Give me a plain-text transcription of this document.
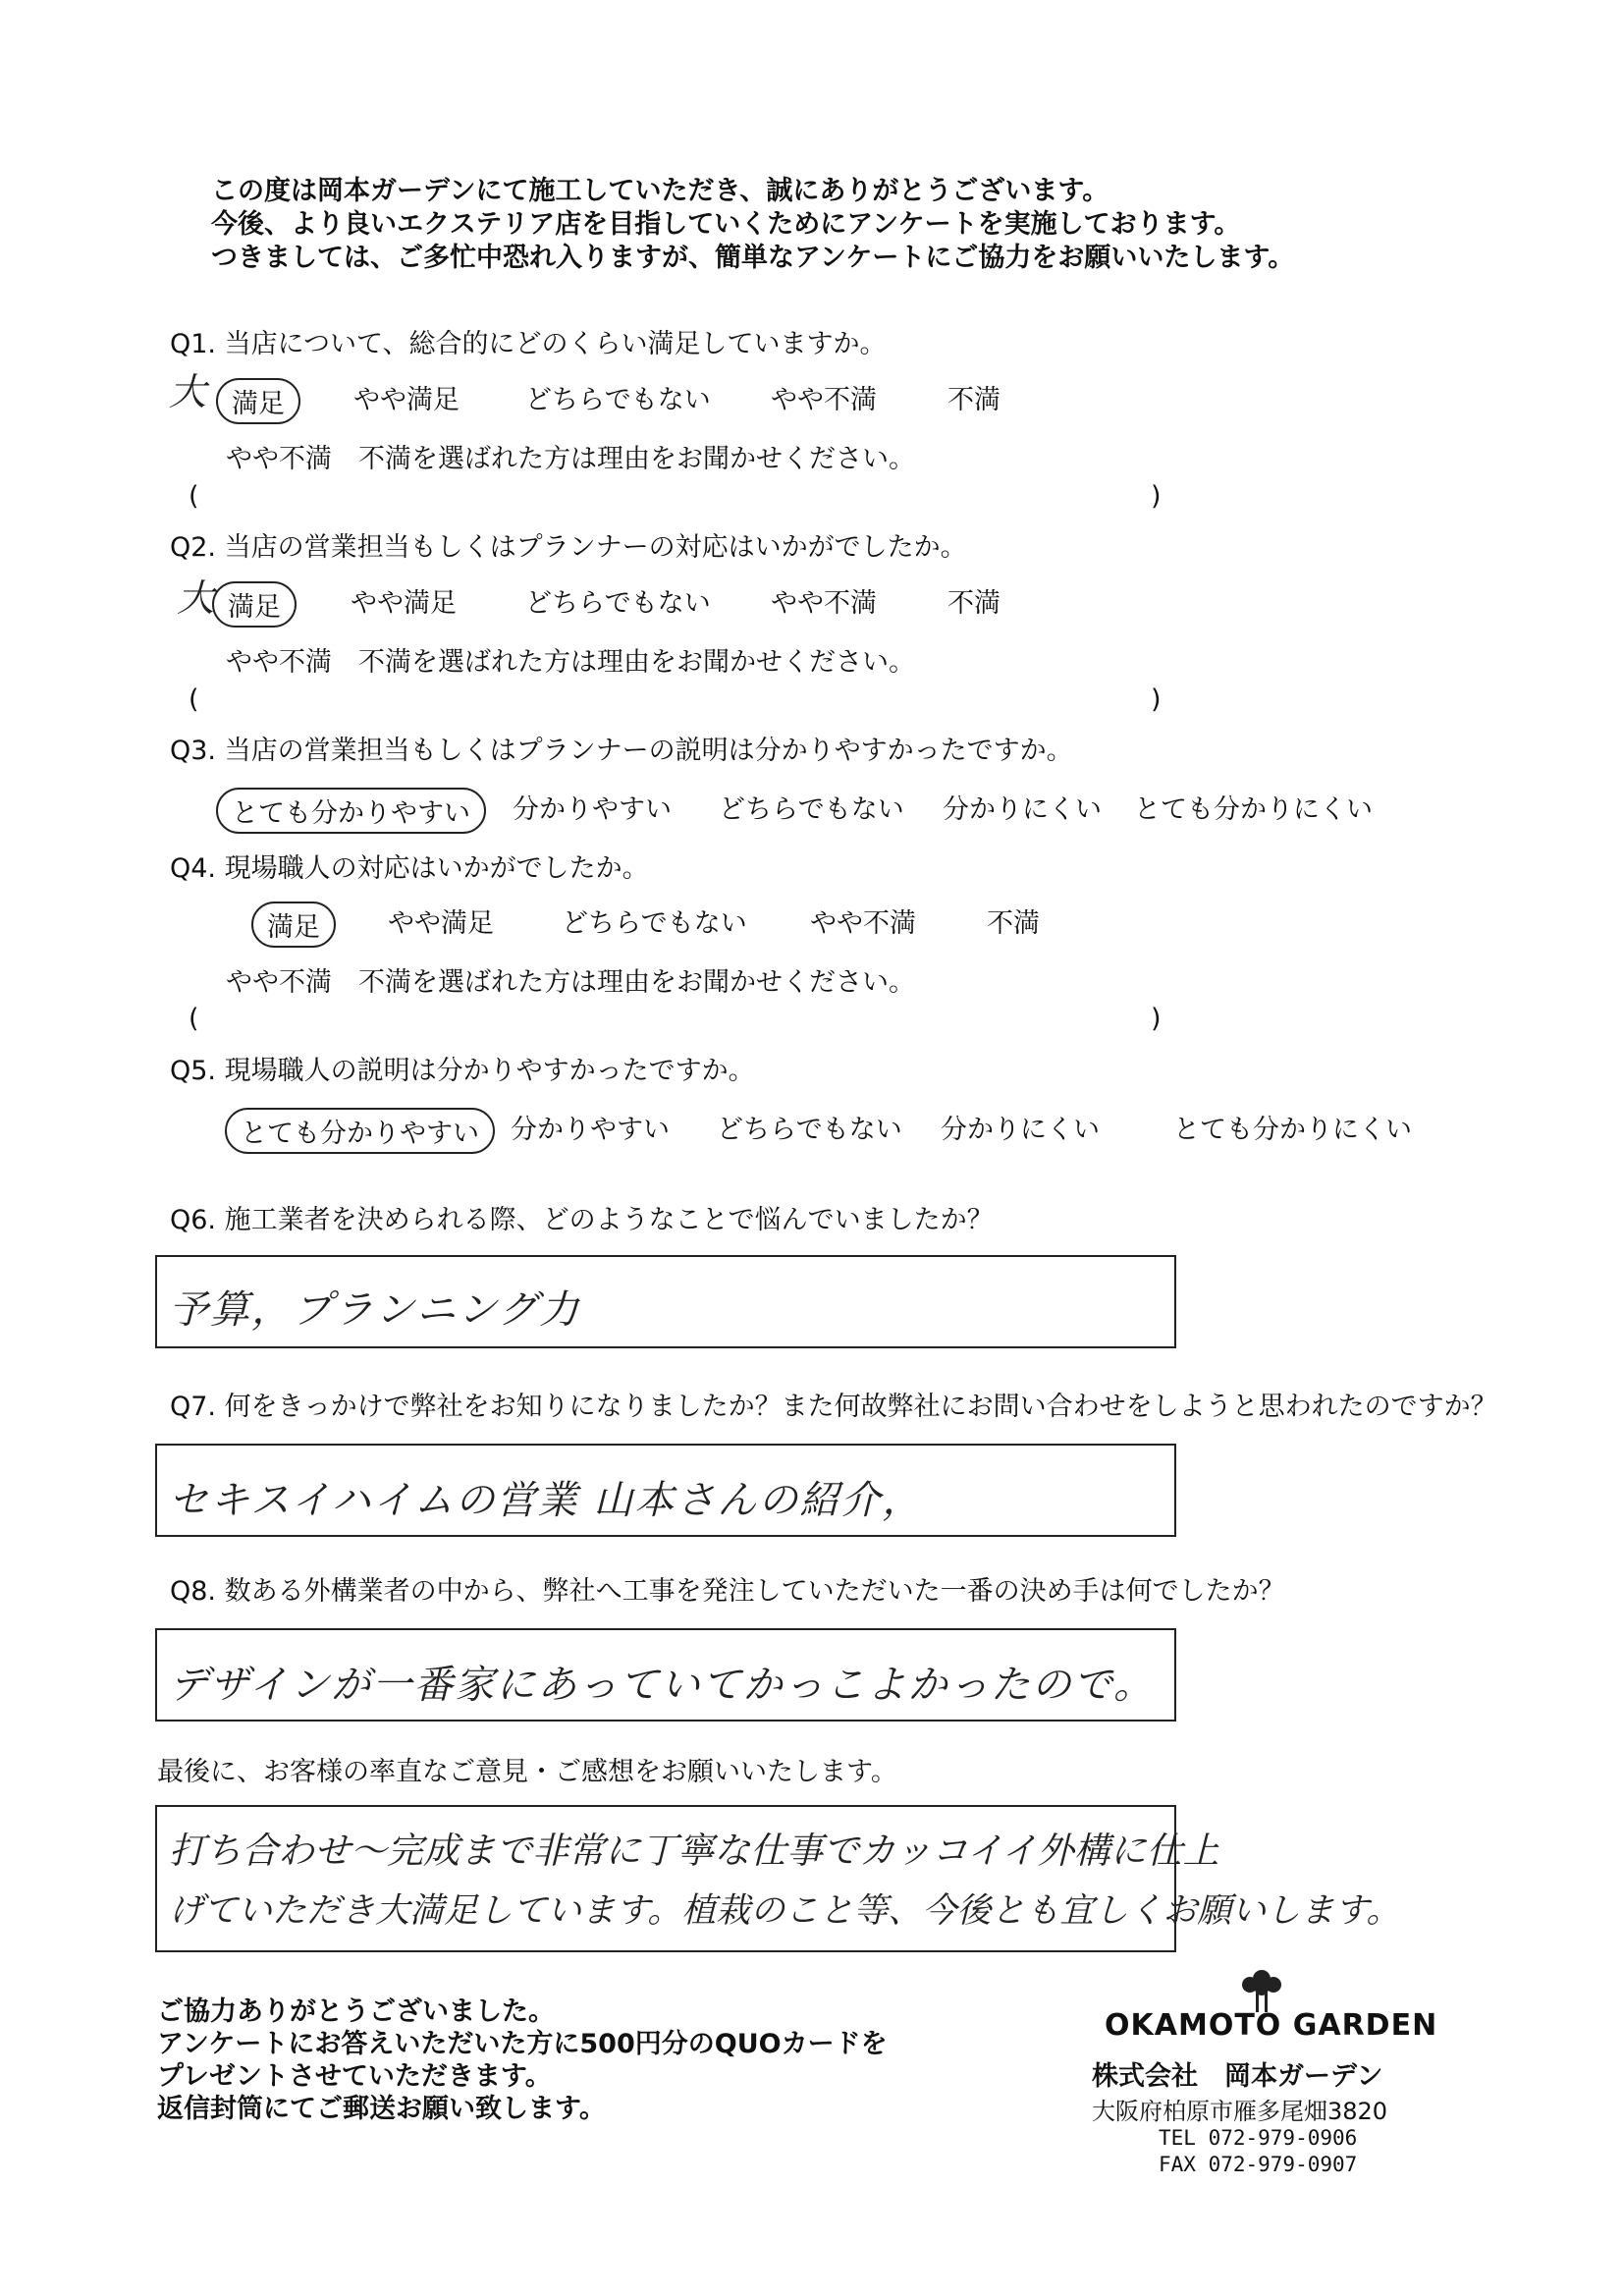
この度は岡本ガーデンにて施工していただき、誠にありがとうございます。
今後、より良いエクステリア店を目指していくためにアンケートを実施しております。
つきましては、ご多忙中恐れ入りますが、簡単なアンケートにご協力をお願いいたします。
Q1. 当店について、総合的にどのくらい満足していますか。
大 満足	やや満足 どちらでもない やや不満	不満
やや不満　不満を選ばれた方は理由をお聞かせください。
(	)
Q2. 当店の営業担当もしくはプランナーの対応はいかがでしたか。
大 満足	やや満足	どちらでもない やや不満	不満
やや不満　不満を選ばれた方は理由をお聞かせください。
(	)
Q3. 当店の営業担当もしくはプランナーの説明は分かりやすかったですか。
とても分かりやすい	分かりやすい どちらでもない 分かりにくい とても分かりにくい
Q4. 現場職人の対応はいかがでしたか。
満足	やや満足	どちらでもない やや不満	不満
やや不満　不満を選ばれた方は理由をお聞かせください。
(	)
Q5. 現場職人の説明は分かりやすかったですか。
とても分かりやすい	分かりやすい どちらでもない 分かりにくい	とても分かりにくい
Q6. 施工業者を決められる際、どのようなことで悩んでいましたか？
予算，プランニング力
Q7. 何をきっかけで弊社をお知りになりましたか？また何故弊社にお問い合わせをしようと思われたのですか？
セキスイハイムの営業 山本さんの紹介，
Q8. 数ある外構業者の中から、弊社へ工事を発注していただいた一番の決め手は何でしたか？
デザインが一番家にあっていてかっこよかったので。
最後に、お客様の率直なご意見・ご感想をお願いいたします。
打ち合わせ～完成まで非常に丁寧な仕事でカッコイイ外構に仕上
げていただき大満足しています。植栽のこと等、今後とも宜しくお願いします。
ご協力ありがとうございました。
アンケートにお答えいただいた方に500円分のQUOカードを
プレゼントさせていただきます。
返信封筒にてご郵送お願い致します。
OKAMOTO GARDEN
株式会社　岡本ガーデン
大阪府柏原市雁多尾畑3820
TEL 072-979-0906
FAX 072-979-0907
